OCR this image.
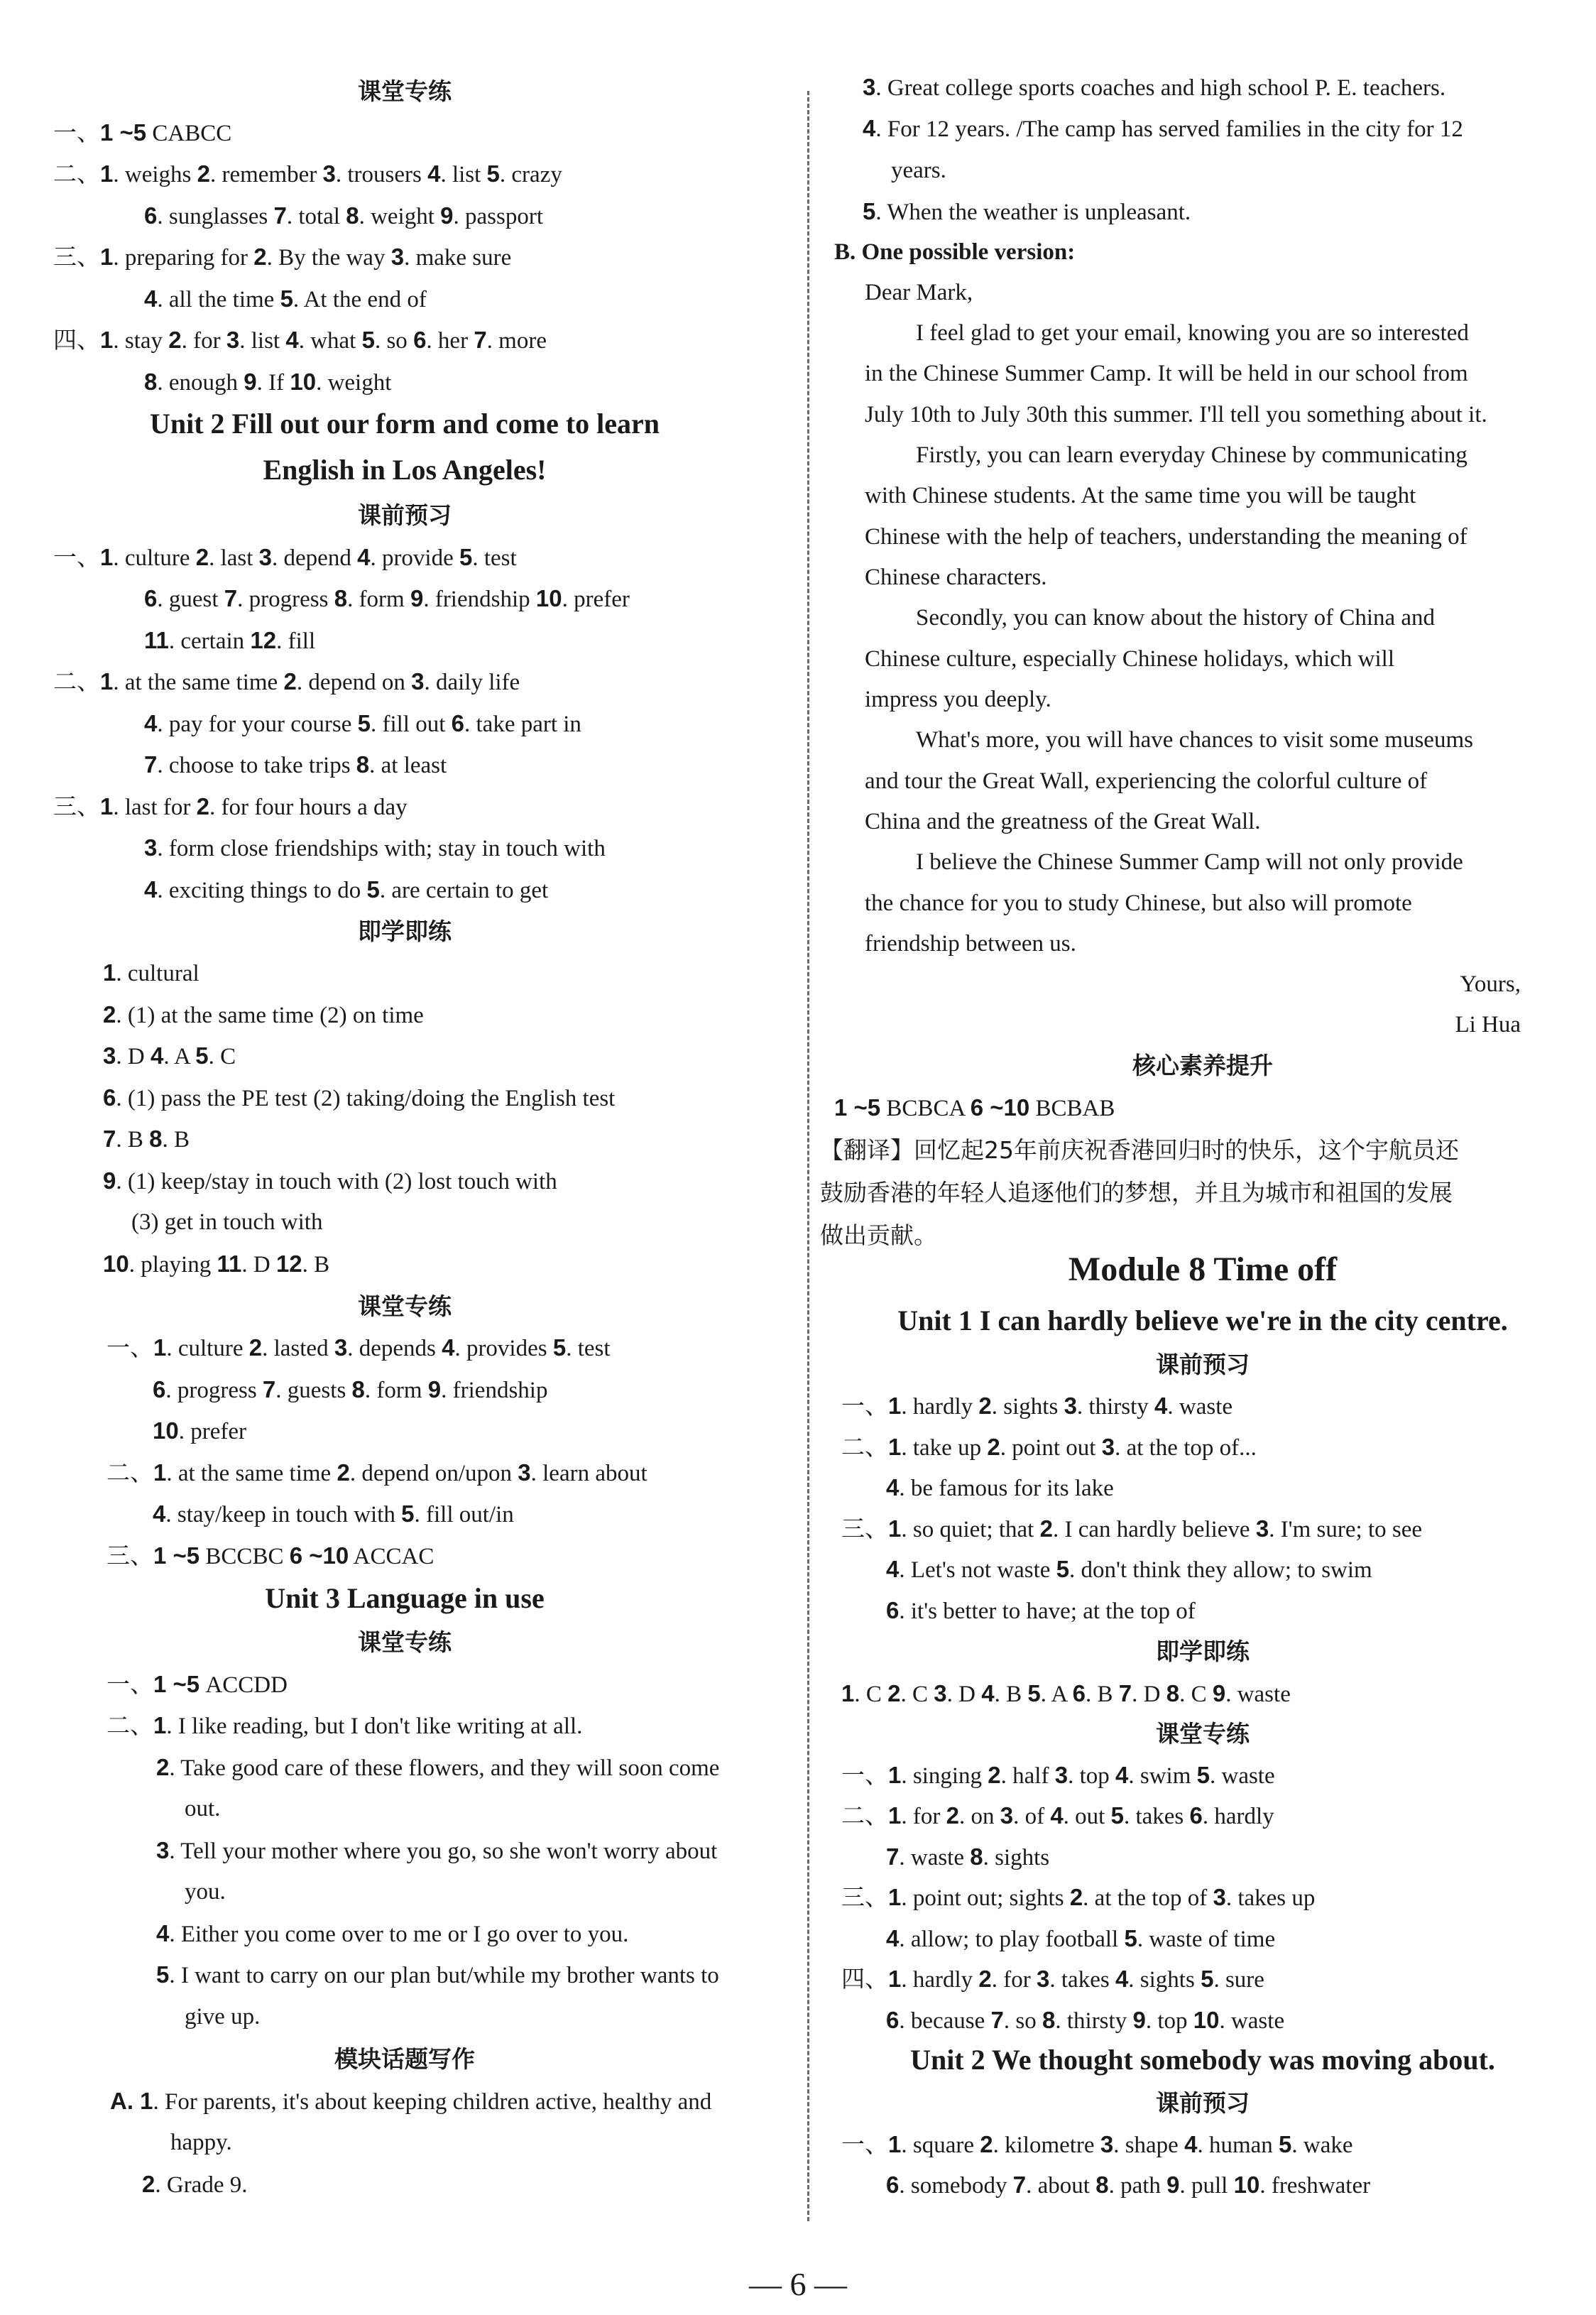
课堂专练
一、1 ~5 CABCC
二、1. weighs 2. remember 3. trousers 4. list 5. crazy
6. sunglasses 7. total 8. weight 9. passport
三、1. preparing for 2. By the way 3. make sure
4. all the time 5. At the end of
四、1. stay 2. for 3. list 4. what 5. so 6. her 7. more
8. enough 9. If 10. weight
Unit 2 Fill out our form and come to learn
English in Los Angeles!
课前预习
一、1. culture 2. last 3. depend 4. provide 5. test
6. guest 7. progress 8. form 9. friendship 10. prefer
11. certain 12. fill
二、1. at the same time 2. depend on 3. daily life
4. pay for your course 5. fill out 6. take part in
7. choose to take trips 8. at least
三、1. last for 2. for four hours a day
3. form close friendships with; stay in touch with
4. exciting things to do 5. are certain to get
即学即练
1. cultural
2. (1) at the same time (2) on time
3. D 4. A 5. C
6. (1) pass the PE test (2) taking/doing the English test
7. B 8. B
9. (1) keep/stay in touch with (2) lost touch with
(3) get in touch with
10. playing 11. D 12. B
课堂专练
一、1. culture 2. lasted 3. depends 4. provides 5. test
6. progress 7. guests 8. form 9. friendship
10. prefer
二、1. at the same time 2. depend on/upon 3. learn about
4. stay/keep in touch with 5. fill out/in
三、1 ~5 BCCBC 6 ~10 ACCAC
Unit 3 Language in use
课堂专练
一、1 ~5 ACCDD
二、1. I like reading, but I don't like writing at all.
2. Take good care of these flowers, and they will soon come
out.
3. Tell your mother where you go, so she won't worry about
you.
4. Either you come over to me or I go over to you.
5. I want to carry on our plan but/while my brother wants to
give up.
模块话题写作
A. 1. For parents, it's about keeping children active, healthy and
happy.
2. Grade 9.
3. Great college sports coaches and high school P. E. teachers.
4. For 12 years. /The camp has served families in the city for 12
years.
5. When the weather is unpleasant.
B. One possible version:
Dear Mark,
I feel glad to get your email, knowing you are so interested
in the Chinese Summer Camp. It will be held in our school from
July 10th to July 30th this summer. I'll tell you something about it.
Firstly, you can learn everyday Chinese by communicating
with Chinese students. At the same time you will be taught
Chinese with the help of teachers, understanding the meaning of
Chinese characters.
Secondly, you can know about the history of China and
Chinese culture, especially Chinese holidays, which will
impress you deeply.
What's more, you will have chances to visit some museums
and tour the Great Wall, experiencing the colorful culture of
China and the greatness of the Great Wall.
I believe the Chinese Summer Camp will not only provide
the chance for you to study Chinese, but also will promote
friendship between us.
Yours,
Li Hua
核心素养提升
1 ~5 BCBCA 6 ~10 BCBAB
【翻译】回忆起25年前庆祝香港回归时的快乐，这个宇航员还
鼓励香港的年轻人追逐他们的梦想，并且为城市和祖国的发展
做出贡献。
Module 8 Time off
Unit 1 I can hardly believe we're in the city centre.
课前预习
一、1. hardly 2. sights 3. thirsty 4. waste
二、1. take up 2. point out 3. at the top of...
4. be famous for its lake
三、1. so quiet; that 2. I can hardly believe 3. I'm sure; to see
4. Let's not waste 5. don't think they allow; to swim
6. it's better to have; at the top of
即学即练
1. C 2. C 3. D 4. B 5. A 6. B 7. D 8. C 9. waste
课堂专练
一、1. singing 2. half 3. top 4. swim 5. waste
二、1. for 2. on 3. of 4. out 5. takes 6. hardly
7. waste 8. sights
三、1. point out; sights 2. at the top of 3. takes up
4. allow; to play football 5. waste of time
四、1. hardly 2. for 3. takes 4. sights 5. sure
6. because 7. so 8. thirsty 9. top 10. waste
Unit 2 We thought somebody was moving about.
课前预习
一、1. square 2. kilometre 3. shape 4. human 5. wake
6. somebody 7. about 8. path 9. pull 10. freshwater
— 6 —
